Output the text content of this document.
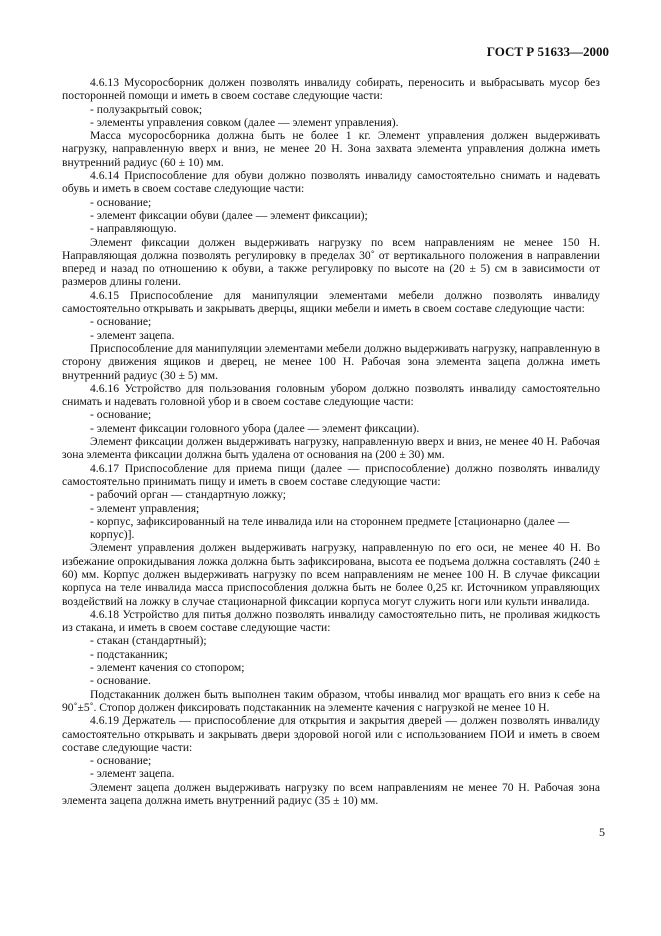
ГОСТ Р 51633—2000

4.6.13 Мусоросборник должен позволять инвалиду собирать, переносить и выбрасывать мусор без посторонней помощи и иметь в своем составе следующие части:

- полузакрытый совок;

- элементы управления совком (далее — элемент управления).

Масса мусоросборника должна быть не более 1 кг. Элемент управления должен выдерживать нагрузку, направленную вверх и вниз, не менее 20 Н. Зона захвата элемента управления должна иметь внутренний радиус (60 ± 10) мм.

4.6.14 Приспособление для обуви должно позволять инвалиду самостоятельно снимать и надевать обувь и иметь в своем составе следующие части:

- основание;

- элемент фиксации обуви (далее — элемент фиксации);

- направляющую.

Элемент фиксации должен выдерживать нагрузку по всем направлениям не менее 150 Н. Направляющая должна позволять регулировку в пределах 30˚ от вертикального положения в направлении вперед и назад по отношению к обуви, а также регулировку по высоте на (20 ± 5) см в зависимости от размеров длины голени.

4.6.15 Приспособление для манипуляции элементами мебели должно позволять инвалиду самостоятельно открывать и закрывать дверцы, ящики мебели и иметь в своем составе следующие части:

- основание;

- элемент зацепа.

Приспособление для манипуляции элементами мебели должно выдерживать нагрузку, направленную в сторону движения ящиков и дверец, не менее 100 Н. Рабочая зона элемента зацепа должна иметь внутренний радиус (30 ± 5) мм.

4.6.16 Устройство для пользования головным убором должно позволять инвалиду самостоятельно снимать и надевать головной убор и в своем составе следующие части:

- основание;

- элемент фиксации головного убора (далее — элемент фиксации).

Элемент фиксации должен выдерживать нагрузку, направленную вверх и вниз, не менее 40 Н. Рабочая зона элемента фиксации должна быть удалена от основания на (200 ± 30) мм.

4.6.17 Приспособление для приема пищи (далее — приспособление) должно позволять инвалиду самостоятельно принимать пищу и иметь в своем составе следующие части:

- рабочий орган — стандартную ложку;

- элемент управления;

- корпус, зафиксированный на теле инвалида или на стороннем предмете [стационарно (далее — корпус)].

Элемент управления должен выдерживать нагрузку, направленную по его оси, не менее 40 Н. Во избежание опрокидывания ложка должна быть зафиксирована, высота ее подъема должна составлять (240 ± 60) мм. Корпус должен выдерживать нагрузку по всем направлениям не менее 100 Н. В случае фиксации корпуса на теле инвалида масса приспособления должна быть не более 0,25 кг. Источником управляющих воздействий на ложку в случае стационарной фиксации корпуса могут служить ноги или культи инвалида.

4.6.18 Устройство для питья должно позволять инвалиду самостоятельно пить, не проливая жидкость из стакана, и иметь в своем составе следующие части:

- стакан (стандартный);

- подстаканник;

- элемент качения со стопором;

- основание.

Подстаканник должен быть выполнен таким образом, чтобы инвалид мог вращать его вниз к себе на 90˚±5˚. Стопор должен фиксировать подстаканник на элементе качения с нагрузкой не менее 10 Н.

4.6.19 Держатель — приспособление для открытия и закрытия дверей — должен позволять инвалиду самостоятельно открывать и закрывать двери здоровой ногой или с использованием ПОИ и иметь в своем составе следующие части:

- основание;

- элемент зацепа.

Элемент зацепа должен выдерживать нагрузку по всем направлениям не менее 70 Н. Рабочая зона элемента зацепа должна иметь внутренний радиус (35 ± 10) мм.

5
